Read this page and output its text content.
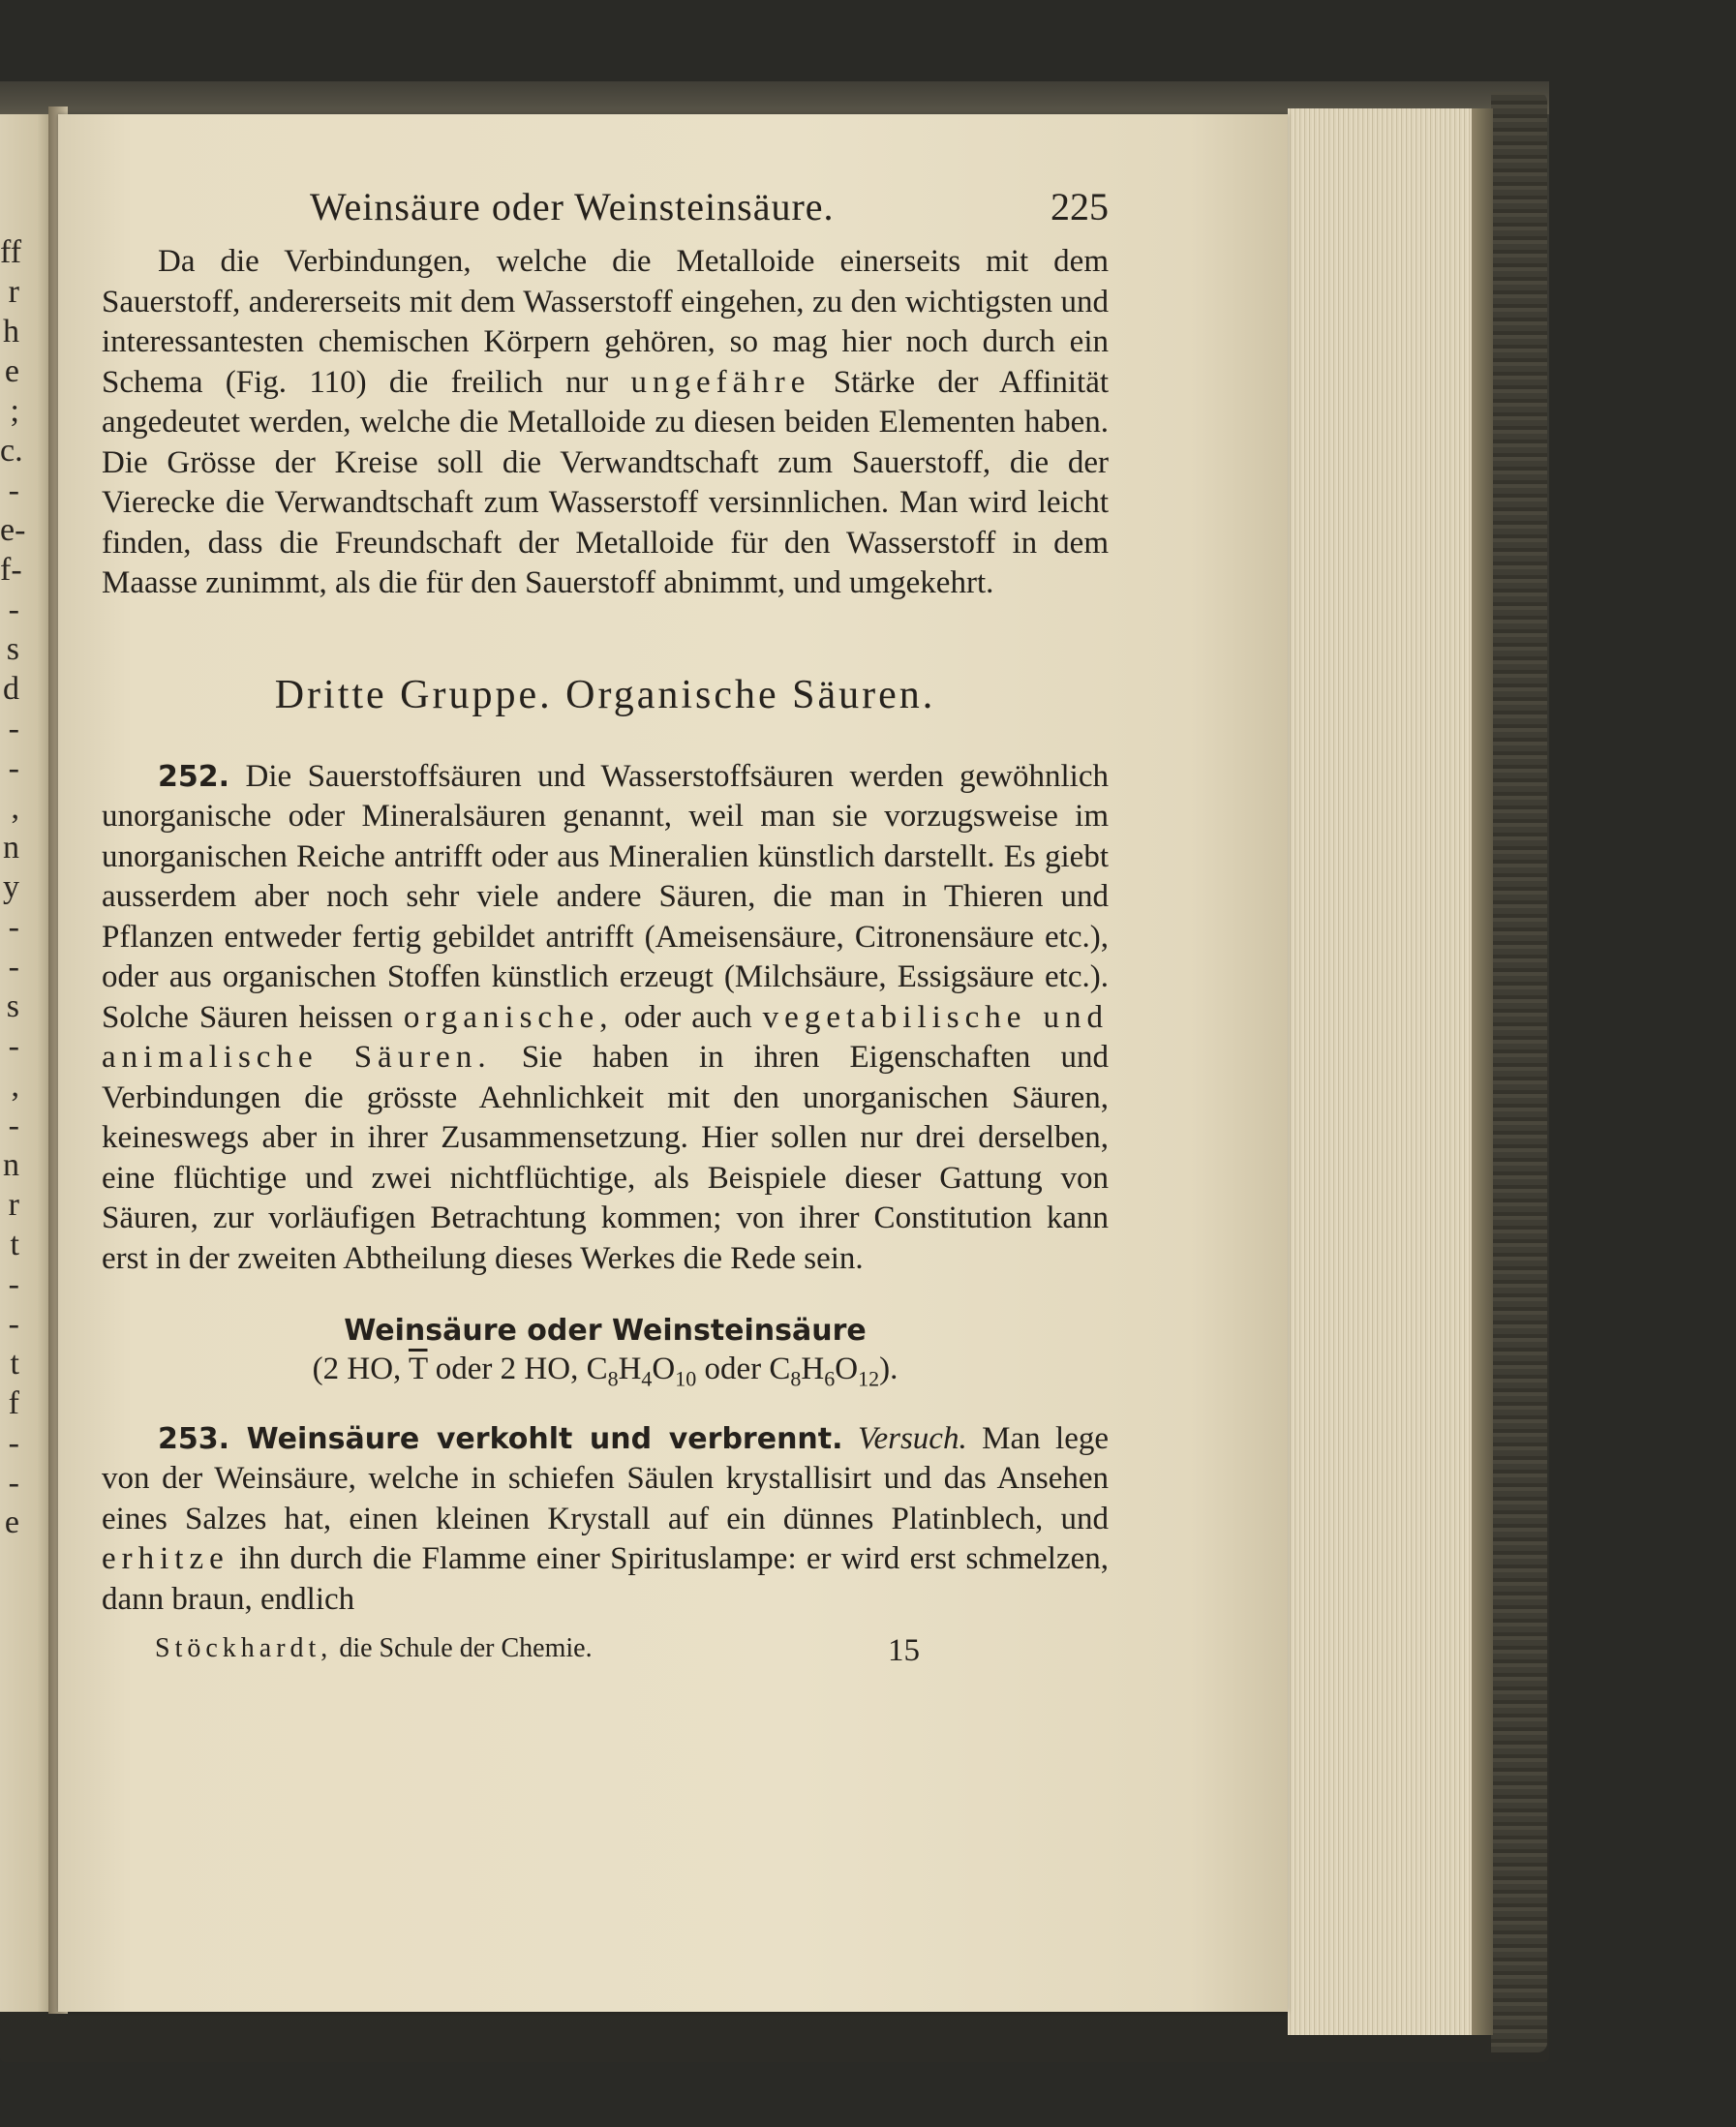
ff
r
h
e
;
c.
-
e-
f-
-
s
d
-
-
,
n
y
-
-
s
-
,
-
n
r
t
-
-
t
f
-
-
e
Weinsäure oder Weinsteinsäure.	225

Da die Verbindungen, welche die Metalloide einerseits mit dem Sauerstoff, andererseits mit dem Wasserstoff eingehen, zu den wichtigsten und interessantesten chemischen Körpern gehören, so mag hier noch durch ein Schema (Fig. 110) die freilich nur ungefähre Stärke der Affinität angedeutet werden, welche die Metalloide zu diesen beiden Elementen haben. Die Grösse der Kreise soll die Verwandtschaft zum Sauerstoff, die der Vierecke die Verwandtschaft zum Wasserstoff versinnlichen. Man wird leicht finden, dass die Freundschaft der Metalloide für den Wasserstoff in dem Maasse zunimmt, als die für den Sauerstoff abnimmt, und umgekehrt.

Dritte Gruppe. Organische Säuren.

252. Die Sauerstoffsäuren und Wasserstoffsäuren werden gewöhnlich unorganische oder Mineralsäuren genannt, weil man sie vorzugsweise im unorganischen Reiche antrifft oder aus Mineralien künstlich darstellt. Es giebt ausserdem aber noch sehr viele andere Säuren, die man in Thieren und Pflanzen entweder fertig gebildet antrifft (Ameisensäure, Citronensäure etc.), oder aus organischen Stoffen künstlich erzeugt (Milchsäure, Essigsäure etc.). Solche Säuren heissen organische, oder auch vegetabilische und animalische Säuren. Sie haben in ihren Eigenschaften und Verbindungen die grösste Aehnlichkeit mit den unorganischen Säuren, keineswegs aber in ihrer Zusammensetzung. Hier sollen nur drei derselben, eine flüchtige und zwei nichtflüchtige, als Beispiele dieser Gattung von Säuren, zur vorläufigen Betrachtung kommen; von ihrer Constitution kann erst in der zweiten Abtheilung dieses Werkes die Rede sein.

Weinsäure oder Weinsteinsäure
(2 HO, $\overline{T}$ oder 2 HO, $C_8H_4O_{10}$ oder $C_8H_6O_{12}$).

253. Weinsäure verkohlt und verbrennt. Versuch. Man lege von der Weinsäure, welche in schiefen Säulen krystallisirt und das Ansehen eines Salzes hat, einen kleinen Krystall auf ein dünnes Platinblech, und erhitze ihn durch die Flamme einer Spirituslampe: er wird erst schmelzen, dann braun, endlich

Stöckhardt, die Schule der Chemie.	15
